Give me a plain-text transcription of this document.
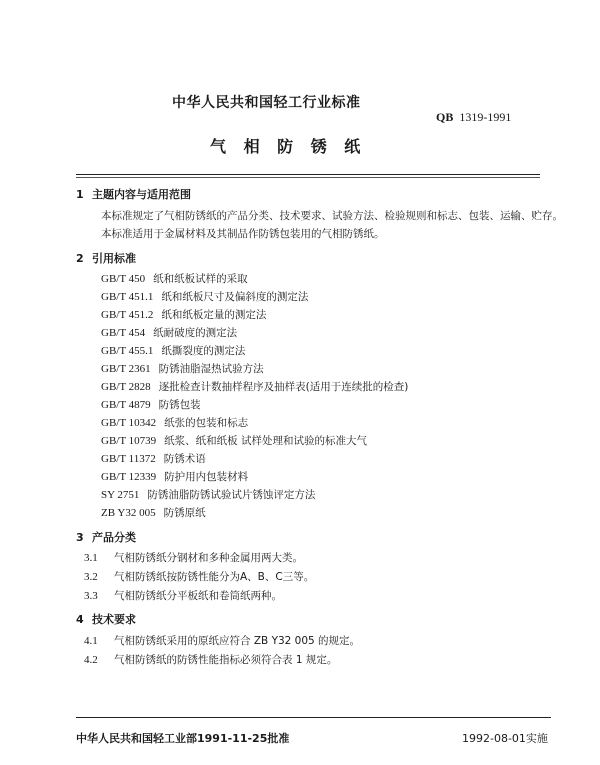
中华人民共和国轻工行业标准
QB 1319-1991
气 相 防 锈 纸
1 主题内容与适用范围
本标准规定了气相防锈纸的产品分类、技术要求、试验方法、检验规则和标志、包装、运输、贮存。
本标准适用于金属材料及其制品作防锈包装用的气相防锈纸。
2 引用标准
GB/T 450 纸和纸板试样的采取
GB/T 451.1 纸和纸板尺寸及偏斜度的测定法
GB/T 451.2 纸和纸板定量的测定法
GB/T 454 纸耐破度的测定法
GB/T 455.1 纸撕裂度的测定法
GB/T 2361 防锈油脂湿热试验方法
GB/T 2828 逐批检查计数抽样程序及抽样表(适用于连续批的检查)
GB/T 4879 防锈包装
GB/T 10342 纸张的包装和标志
GB/T 10739 纸浆、纸和纸板 试样处理和试验的标准大气
GB/T 11372 防锈术语
GB/T 12339 防护用内包装材料
SY 2751 防锈油脂防锈试验试片锈蚀评定方法
ZB Y32 005 防锈原纸
3 产品分类
3.1 气相防锈纸分钢材和多种金属用两大类。
3.2 气相防锈纸按防锈性能分为A、B、C三等。
3.3 气相防锈纸分平板纸和卷筒纸两种。
4 技术要求
4.1 气相防锈纸采用的原纸应符合 ZB Y32 005 的规定。
4.2 气相防锈纸的防锈性能指标必须符合表 1 规定。
中华人民共和国轻工业部1991-11-25批准	1992-08-01实施
